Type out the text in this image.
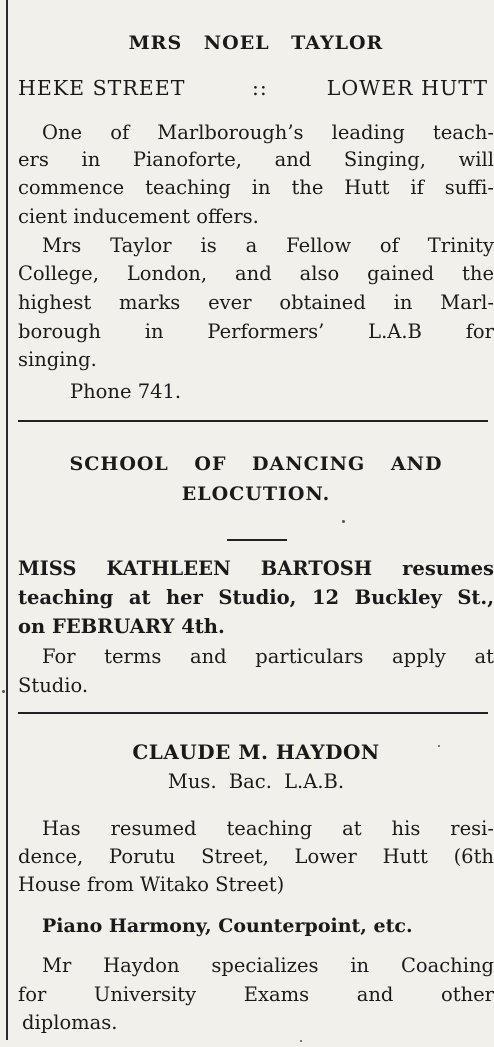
MRS NOEL TAYLOR
HEKE STREET	::	LOWER HUTT
One of Marlborough’s leading teach-
ers in Pianoforte, and Singing, will
commence teaching in the Hutt if suffi-
cient inducement offers.
Mrs Taylor is a Fellow of Trinity
College, London, and also gained the
highest marks ever obtained in Marl-
borough in Performers’ L.A.B for
singing.
Phone 741.
SCHOOL OF DANCING AND
ELOCUTION.
MISS KATHLEEN BARTOSH resumes
teaching at her Studio, 12 Buckley St.,
on FEBRUARY 4th.
For terms and particulars apply at
Studio.
CLAUDE M. HAYDON
Mus. Bac. L.A.B.
Has resumed teaching at his resi-
dence, Porutu Street, Lower Hutt (6th
House from Witako Street)
Piano Harmony, Counterpoint, etc.
Mr Haydon specializes in Coaching
for University Exams and other
diplomas.
